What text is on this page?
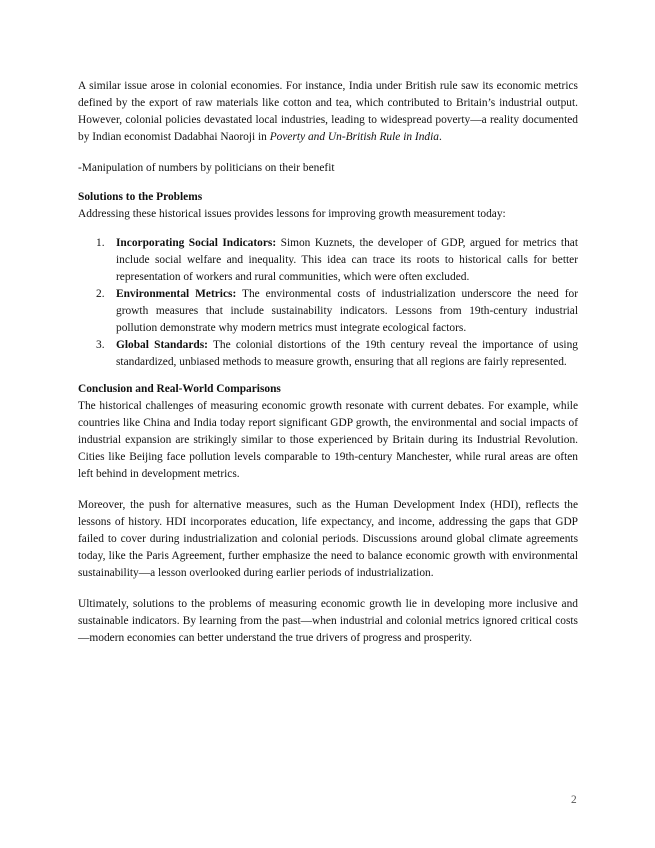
A similar issue arose in colonial economies. For instance, India under British rule saw its economic metrics defined by the export of raw materials like cotton and tea, which contributed to Britain’s industrial output. However, colonial policies devastated local industries, leading to widespread poverty—a reality documented by Indian economist Dadabhai Naoroji in Poverty and Un-British Rule in India.

-Manipulation of numbers by politicians on their benefit

Solutions to the Problems

Addressing these historical issues provides lessons for improving growth measurement today:

1. Incorporating Social Indicators: Simon Kuznets, the developer of GDP, argued for metrics that include social welfare and inequality. This idea can trace its roots to historical calls for better representation of workers and rural communities, which were often excluded.
2. Environmental Metrics: The environmental costs of industrialization underscore the need for growth measures that include sustainability indicators. Lessons from 19th-century industrial pollution demonstrate why modern metrics must integrate ecological factors.
3. Global Standards: The colonial distortions of the 19th century reveal the importance of using standardized, unbiased methods to measure growth, ensuring that all regions are fairly represented.

Conclusion and Real-World Comparisons

The historical challenges of measuring economic growth resonate with current debates. For example, while countries like China and India today report significant GDP growth, the environmental and social impacts of industrial expansion are strikingly similar to those experienced by Britain during its Industrial Revolution. Cities like Beijing face pollution levels comparable to 19th-century Manchester, while rural areas are often left behind in development metrics.

Moreover, the push for alternative measures, such as the Human Development Index (HDI), reflects the lessons of history. HDI incorporates education, life expectancy, and income, addressing the gaps that GDP failed to cover during industrialization and colonial periods. Discussions around global climate agreements today, like the Paris Agreement, further emphasize the need to balance economic growth with environmental sustainability—a lesson overlooked during earlier periods of industrialization.

Ultimately, solutions to the problems of measuring economic growth lie in developing more inclusive and sustainable indicators. By learning from the past—when industrial and colonial metrics ignored critical costs—modern economies can better understand the true drivers of progress and prosperity.

2
